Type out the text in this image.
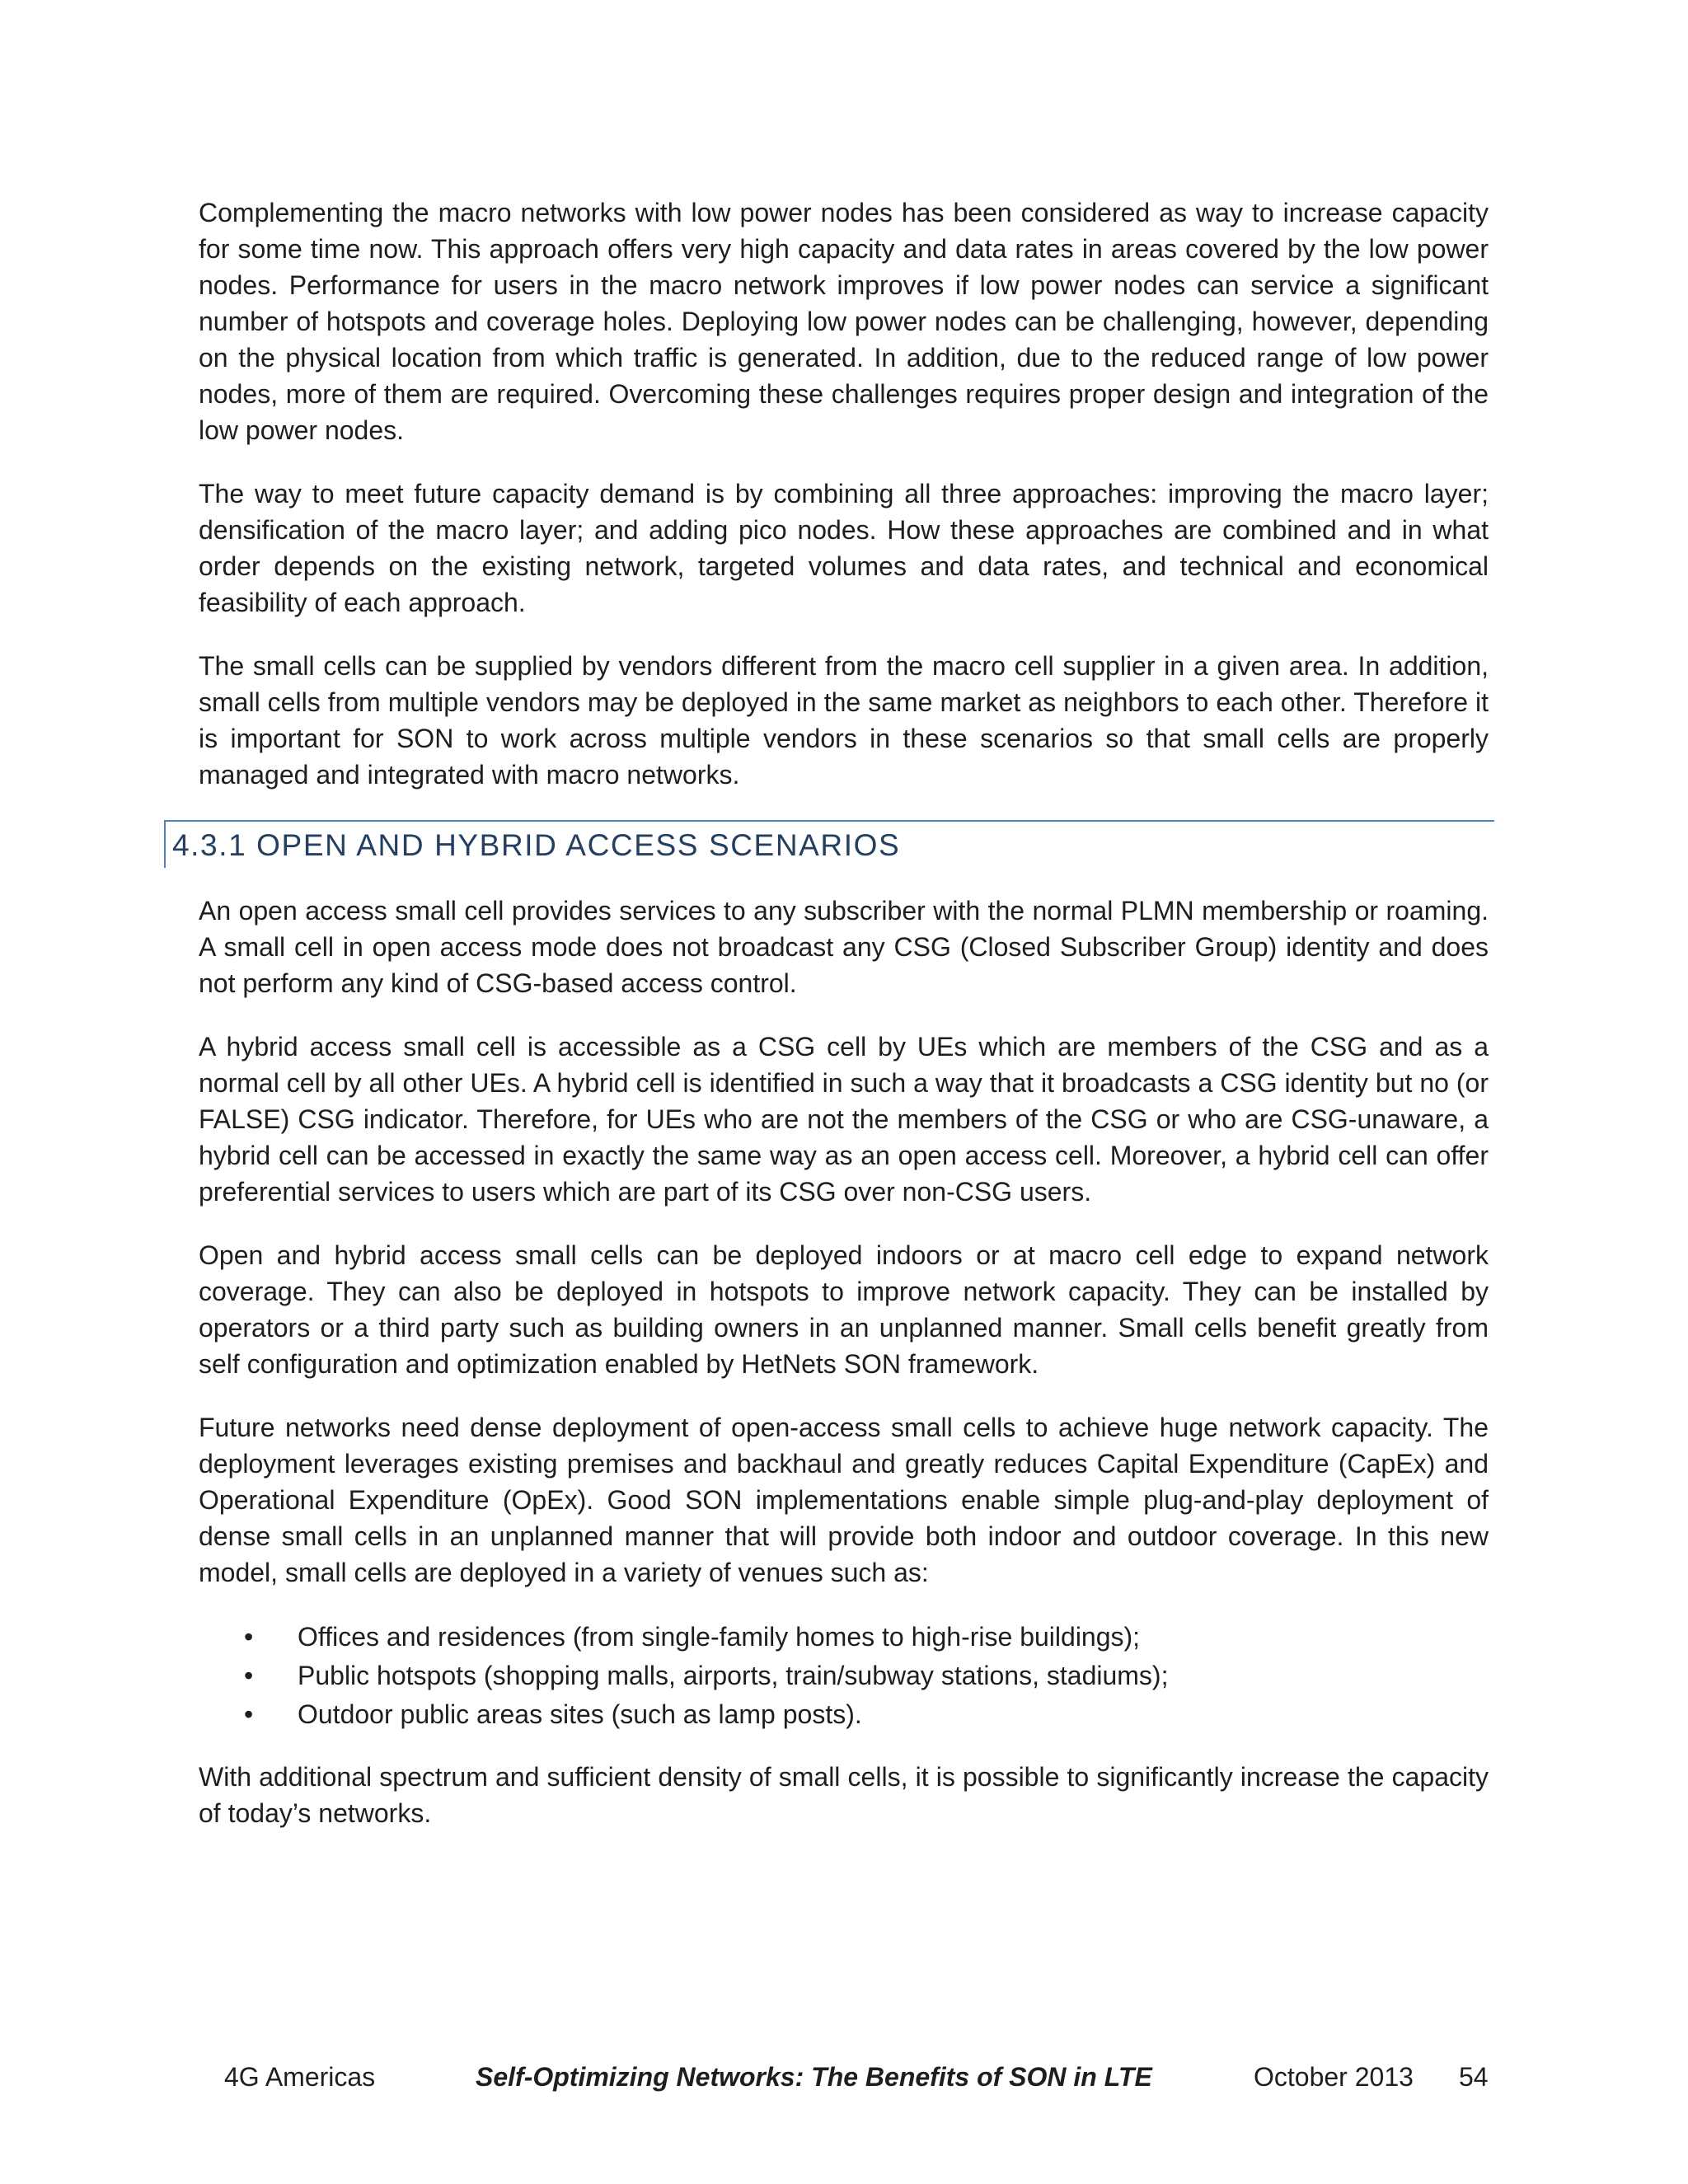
Complementing the macro networks with low power nodes has been considered as way to increase capacity for some time now. This approach offers very high capacity and data rates in areas covered by the low power nodes. Performance for users in the macro network improves if low power nodes can service a significant number of hotspots and coverage holes. Deploying low power nodes can be challenging, however, depending on the physical location from which traffic is generated. In addition, due to the reduced range of low power nodes, more of them are required. Overcoming these challenges requires proper design and integration of the low power nodes.

The way to meet future capacity demand is by combining all three approaches: improving the macro layer; densification of the macro layer; and adding pico nodes. How these approaches are combined and in what order depends on the existing network, targeted volumes and data rates, and technical and economical feasibility of each approach.

The small cells can be supplied by vendors different from the macro cell supplier in a given area. In addition, small cells from multiple vendors may be deployed in the same market as neighbors to each other. Therefore it is important for SON to work across multiple vendors in these scenarios so that small cells are properly managed and integrated with macro networks.

4.3.1 OPEN AND HYBRID ACCESS SCENARIOS

An open access small cell provides services to any subscriber with the normal PLMN membership or roaming. A small cell in open access mode does not broadcast any CSG (Closed Subscriber Group) identity and does not perform any kind of CSG-based access control.

A hybrid access small cell is accessible as a CSG cell by UEs which are members of the CSG and as a normal cell by all other UEs. A hybrid cell is identified in such a way that it broadcasts a CSG identity but no (or FALSE) CSG indicator. Therefore, for UEs who are not the members of the CSG or who are CSG-unaware, a hybrid cell can be accessed in exactly the same way as an open access cell. Moreover, a hybrid cell can offer preferential services to users which are part of its CSG over non-CSG users.

Open and hybrid access small cells can be deployed indoors or at macro cell edge to expand network coverage. They can also be deployed in hotspots to improve network capacity. They can be installed by operators or a third party such as building owners in an unplanned manner. Small cells benefit greatly from self configuration and optimization enabled by HetNets SON framework.

Future networks need dense deployment of open-access small cells to achieve huge network capacity. The deployment leverages existing premises and backhaul and greatly reduces Capital Expenditure (CapEx) and Operational Expenditure (OpEx). Good SON implementations enable simple plug-and-play deployment of dense small cells in an unplanned manner that will provide both indoor and outdoor coverage. In this new model, small cells are deployed in a variety of venues such as:

• Offices and residences (from single-family homes to high-rise buildings);
• Public hotspots (shopping malls, airports, train/subway stations, stadiums);
• Outdoor public areas sites (such as lamp posts).

With additional spectrum and sufficient density of small cells, it is possible to significantly increase the capacity of today’s networks.

4G Americas	Self-Optimizing Networks: The Benefits of SON in LTE	October 2013 54
